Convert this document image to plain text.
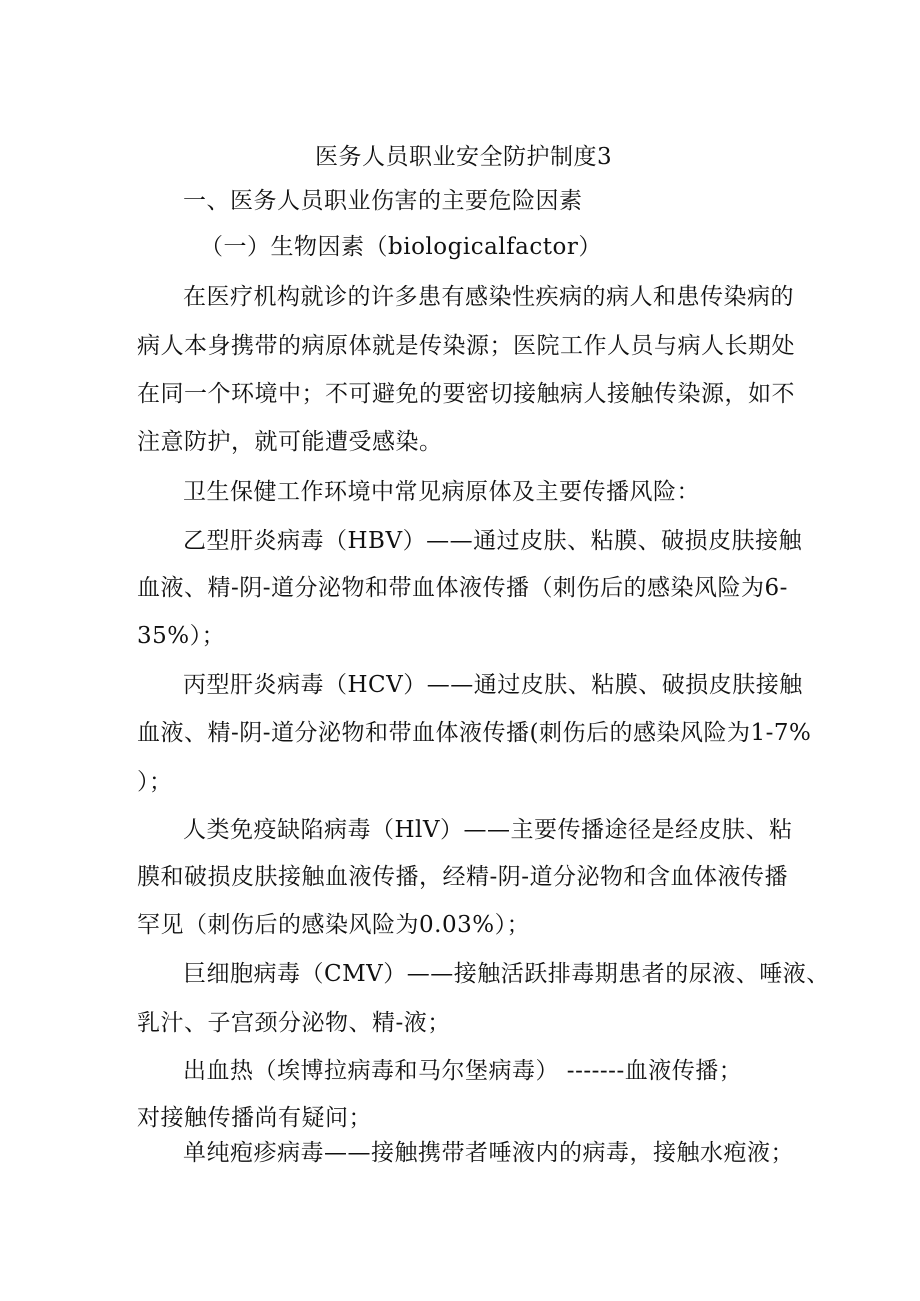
医务人员职业安全防护制度3
一、医务人员职业伤害的主要危险因素
（一）生物因素（biologicalfactor）
在医疗机构就诊的许多患有感染性疾病的病人和患传染病的
病人本身携带的病原体就是传染源；医院工作人员与病人长期处
在同一个环境中；不可避免的要密切接触病人接触传染源，如不
注意防护，就可能遭受感染。
卫生保健工作环境中常见病原体及主要传播风险：
乙型肝炎病毒（HBV）——通过皮肤、粘膜、破损皮肤接触
血液、精-阴-道分泌物和带血体液传播（刺伤后的感染风险为6-
35%）；
丙型肝炎病毒（HCV）——通过皮肤、粘膜、破损皮肤接触
血液、精-阴-道分泌物和带血体液传播(刺伤后的感染风险为1-7%
）；
人类免疫缺陷病毒（HlV）——主要传播途径是经皮肤、粘
膜和破损皮肤接触血液传播，经精-阴-道分泌物和含血体液传播
罕见（刺伤后的感染风险为0.03%）；
巨细胞病毒（CMV）——接触活跃排毒期患者的尿液、唾液、
乳汁、子宫颈分泌物、精-液；
出血热（埃博拉病毒和马尔堡病毒） -------血液传播；
对接触传播尚有疑问；
单纯疱疹病毒——接触携带者唾液内的病毒，接触水疱液；
